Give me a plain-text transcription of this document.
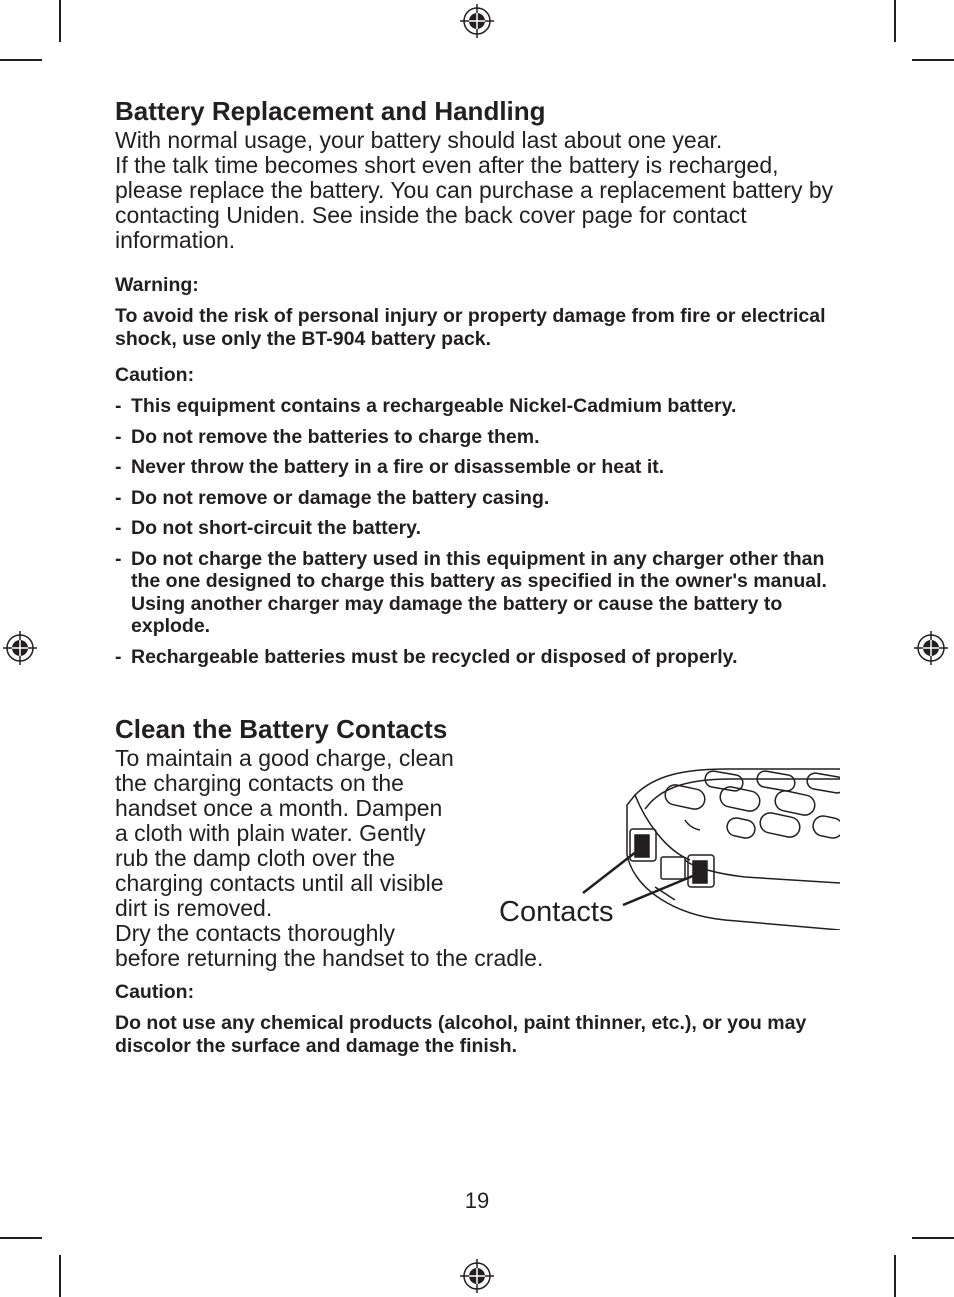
Battery Replacement and Handling

With normal usage, your battery should last about one year.

If the talk time becomes short even after the battery is recharged, please replace the battery. You can purchase a replacement battery by contacting Uniden. See inside the back cover page for contact information.

Warning:

To avoid the risk of personal injury or property damage from fire or electrical shock, use only the BT-904 battery pack.

Caution:

- This equipment contains a rechargeable Nickel-Cadmium battery.
- Do not remove the batteries to charge them.
- Never throw the battery in a fire or disassemble or heat it.
- Do not remove or damage the battery casing.
- Do not short-circuit the battery.
- Do not charge the battery used in this equipment in any charger other than the one designed to charge this battery as specified in the owner's manual. Using another charger may damage the battery or cause the battery to explode.
- Rechargeable batteries must be recycled or disposed of properly.
Clean the Battery Contacts
To maintain a good charge, clean
the charging contacts on the
handset once a month. Dampen
a cloth with plain water. Gently
rub the damp cloth over the
charging contacts until all visible
dirt is removed.
Dry the contacts thoroughly
before returning the handset to the cradle.

Caution:

Do not use any chemical products (alcohol, paint thinner, etc.), or you may discolor the surface and damage the finish.

Contacts
19
